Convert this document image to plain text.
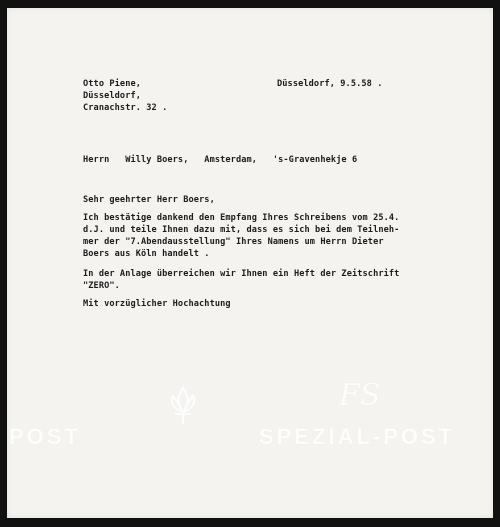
Otto Piene,
Düsseldorf,
Cranachstr. 32 .
Düsseldorf, 9.5.58 .
Herrn   Willy Boers,   Amsterdam,   's-Gravenhekje 6
Sehr geehrter Herr Boers,
Ich bestätige dankend den Empfang Ihres Schreibens vom 25.4.
d.J. und teile Ihnen dazu mit, dass es sich bei dem Teilneh-
mer der "7.Abendausstellung" Ihres Namens um Herrn Dieter
Boers aus Köln handelt .
In der Anlage überreichen wir Ihnen ein Heft der Zeitschrift
"ZERO".
Mit vorzüglicher Hochachtung
POST	SPEZIAL-POST
FS
